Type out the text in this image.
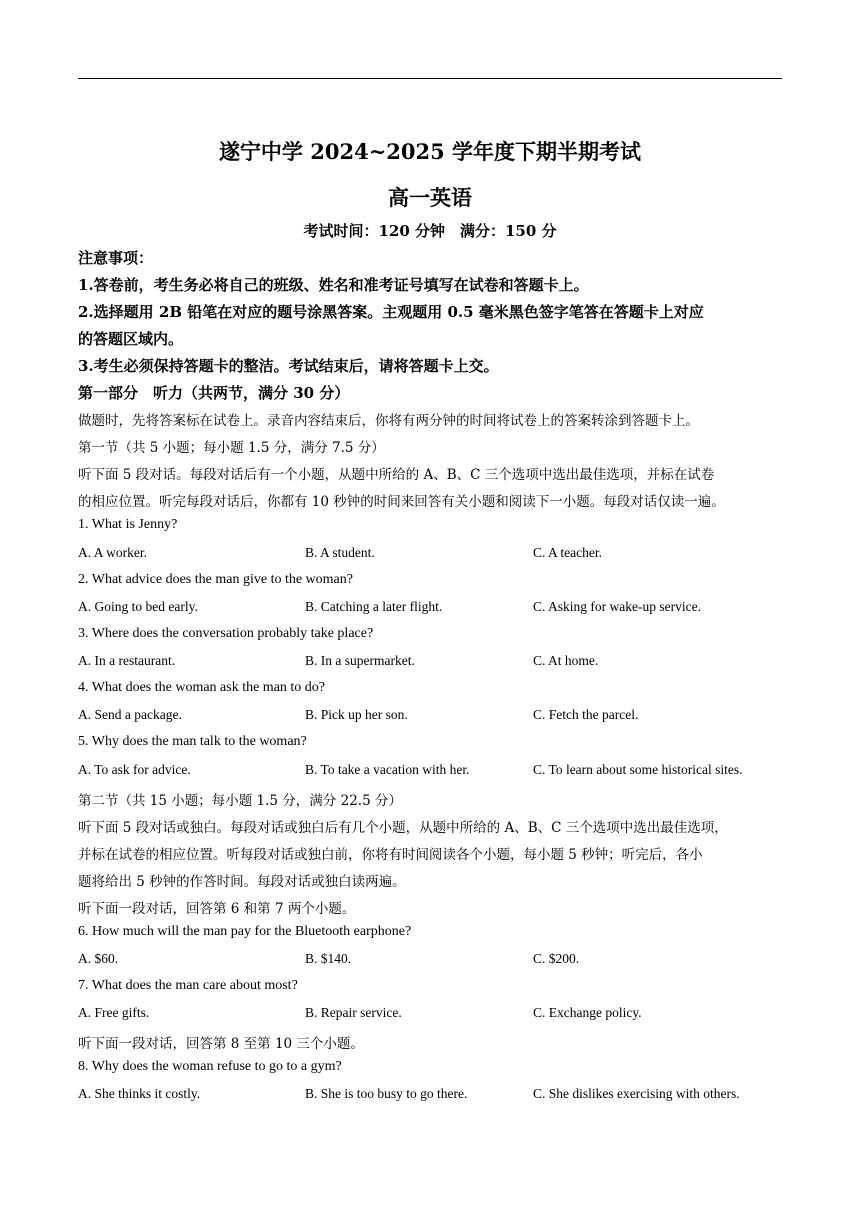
遂宁中学 2024~2025 学年度下期半期考试
高一英语
考试时间：120 分钟　满分：150 分
注意事项：
1.答卷前，考生务必将自己的班级、姓名和准考证号填写在试卷和答题卡上。
2.选择题用 2B 铅笔在对应的题号涂黑答案。主观题用 0.5 毫米黑色签字笔答在答题卡上对应
的答题区域内。
3.考生必须保持答题卡的整洁。考试结束后，请将答题卡上交。
第一部分　听力（共两节，满分 30 分）
做题时，先将答案标在试卷上。录音内容结束后，你将有两分钟的时间将试卷上的答案转涂到答题卡上。
第一节（共 5 小题；每小题 1.5 分，满分 7.5 分）
听下面 5 段对话。每段对话后有一个小题，从题中所给的 A、B、C 三个选项中选出最佳选项，并标在试卷
的相应位置。听完每段对话后，你都有 10 秒钟的时间来回答有关小题和阅读下一小题。每段对话仅读一遍。
1. What is Jenny?
A. A worker.	B. A student.	C. A teacher.
2. What advice does the man give to the woman?
A. Going to bed early.	B. Catching a later flight.	C. Asking for wake-up service.
3. Where does the conversation probably take place?
A. In a restaurant.	B. In a supermarket.	C. At home.
4. What does the woman ask the man to do?
A. Send a package.	B. Pick up her son.	C. Fetch the parcel.
5. Why does the man talk to the woman?
A. To ask for advice.	B. To take a vacation with her.	C. To learn about some historical sites.
第二节（共 15 小题；每小题 1.5 分，满分 22.5 分）
听下面 5 段对话或独白。每段对话或独白后有几个小题，从题中所给的 A、B、C 三个选项中选出最佳选项，
并标在试卷的相应位置。听每段对话或独白前，你将有时间阅读各个小题，每小题 5 秒钟；听完后，各小
题将给出 5 秒钟的作答时间。每段对话或独白读两遍。
听下面一段对话，回答第 6 和第 7 两个小题。
6. How much will the man pay for the Bluetooth earphone?
A. $60.	B. $140.	C. $200.
7. What does the man care about most?
A. Free gifts.	B. Repair service.	C. Exchange policy.
听下面一段对话，回答第 8 至第 10 三个小题。
8. Why does the woman refuse to go to a gym?
A. She thinks it costly.	B. She is too busy to go there.	C. She dislikes exercising with others.
